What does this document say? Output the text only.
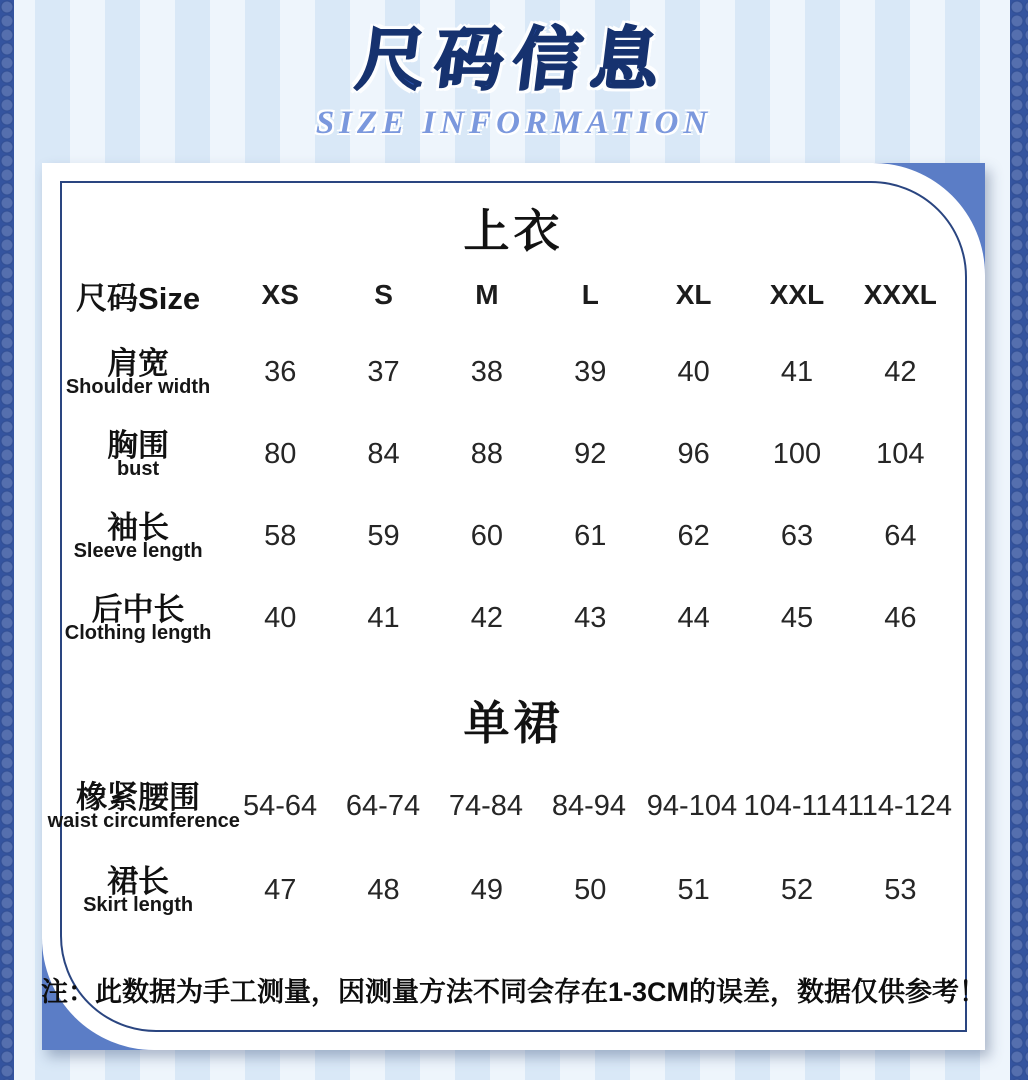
尺码信息
SIZE INFORMATION
上衣
尺码Size	XS	S	M	L	XL	XXL	XXXL
肩宽
Shoulder width	36	37	38	39	40	41	42
胸围
bust	80	84	88	92	96	100	104
袖长
Sleeve length	58	59	60	61	62	63	64
后中长
Clothing length	40	41	42	43	44	45	46
单裙
橡紧腰围
waist circumference 54-64 64-74 74-84 84-94 94-104 104-114 114-124
裙长
Skirt length	47	48	49	50	51	52	53
注：此数据为手工测量，因测量方法不同会存在1-3CM的误差，数据仅供参考！
